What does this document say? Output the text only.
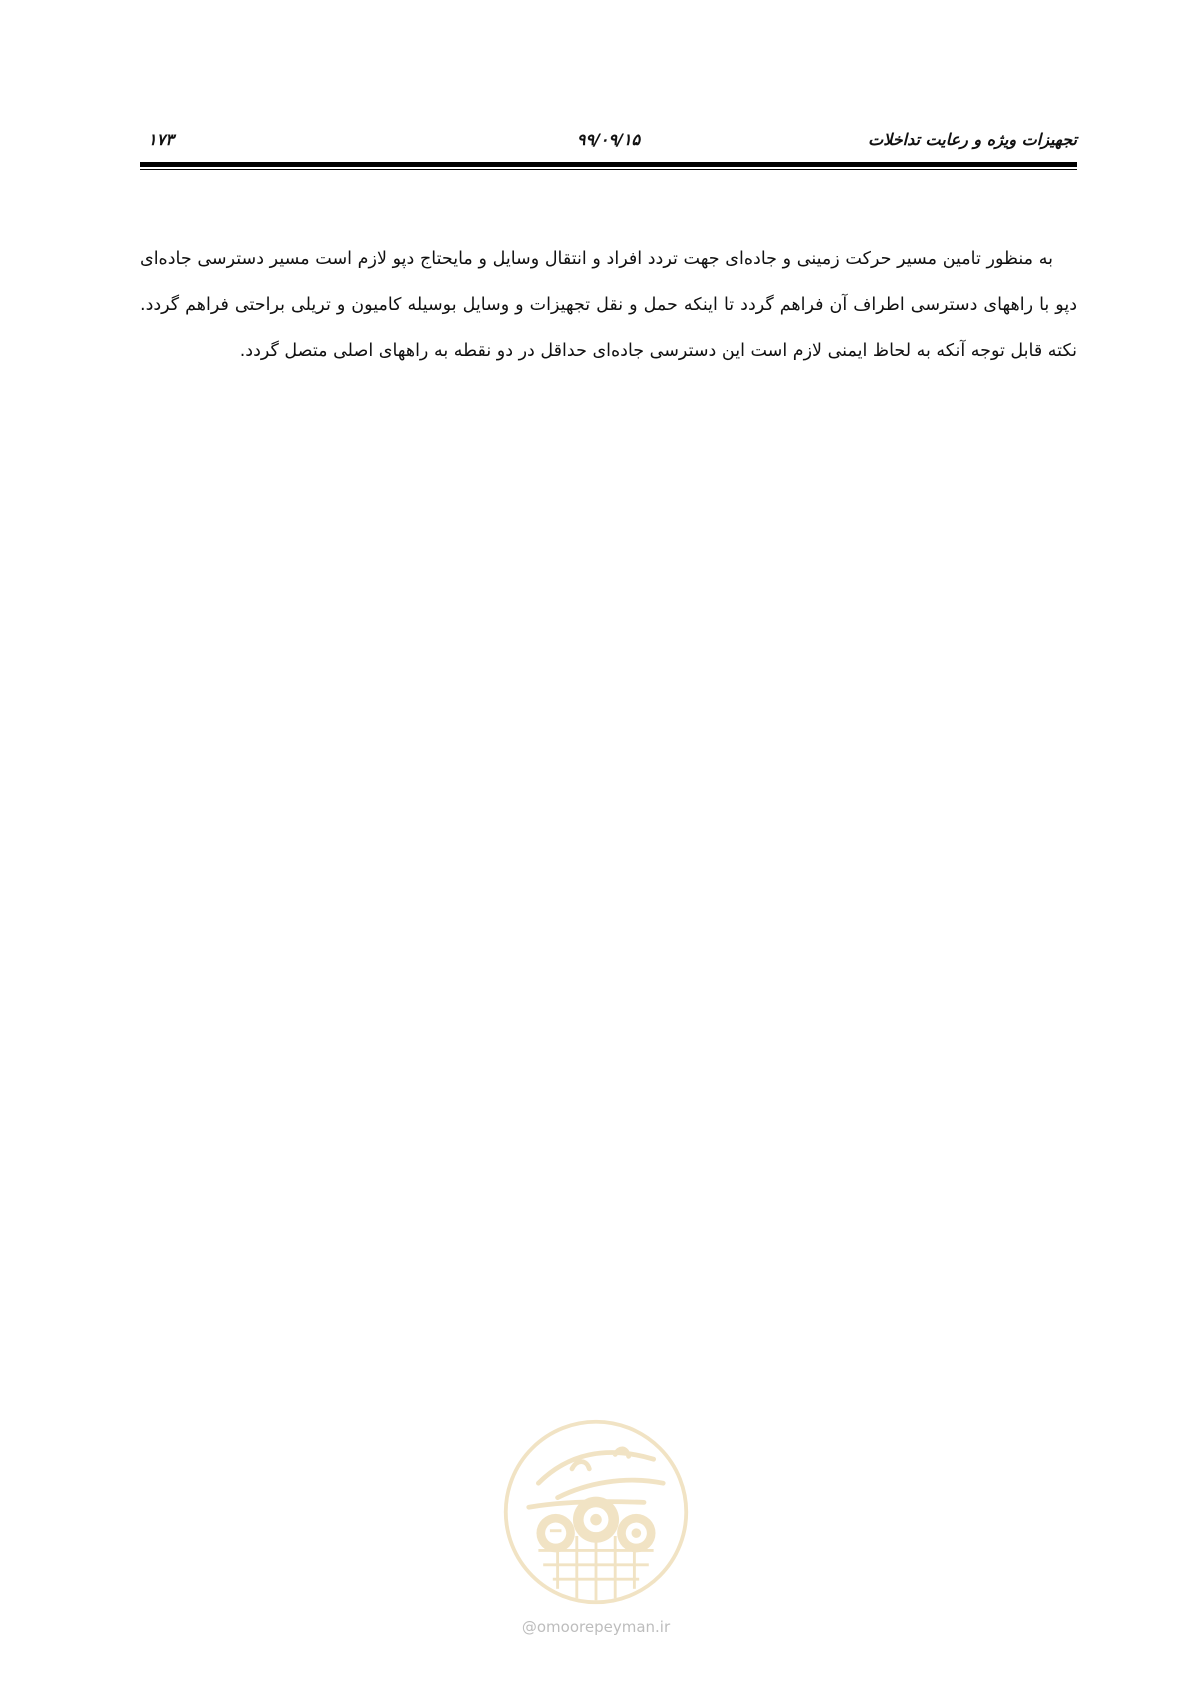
تجهیزات ویژه و رعایت تداخلات
۹۹/۰۹/۱۵
۱۷۳

به منظور تامین مسیر حرکت زمینی و جاده‌ای جهت تردد افراد و انتقال وسایل و مایحتاج دپو لازم است مسیر دسترسی جاده‌ای دپو با راههای دسترسی اطراف آن فراهم گردد تا اینکه حمل و نقل تجهیزات و وسایل بوسیله کامیون و تریلی براحتی فراهم گردد. نکته قابل توجه آنکه به لحاظ ایمنی لازم است این دسترسی جاده‌ای حداقل در دو نقطه به راههای اصلی متصل گردد.

@omoorepeyman.ir
